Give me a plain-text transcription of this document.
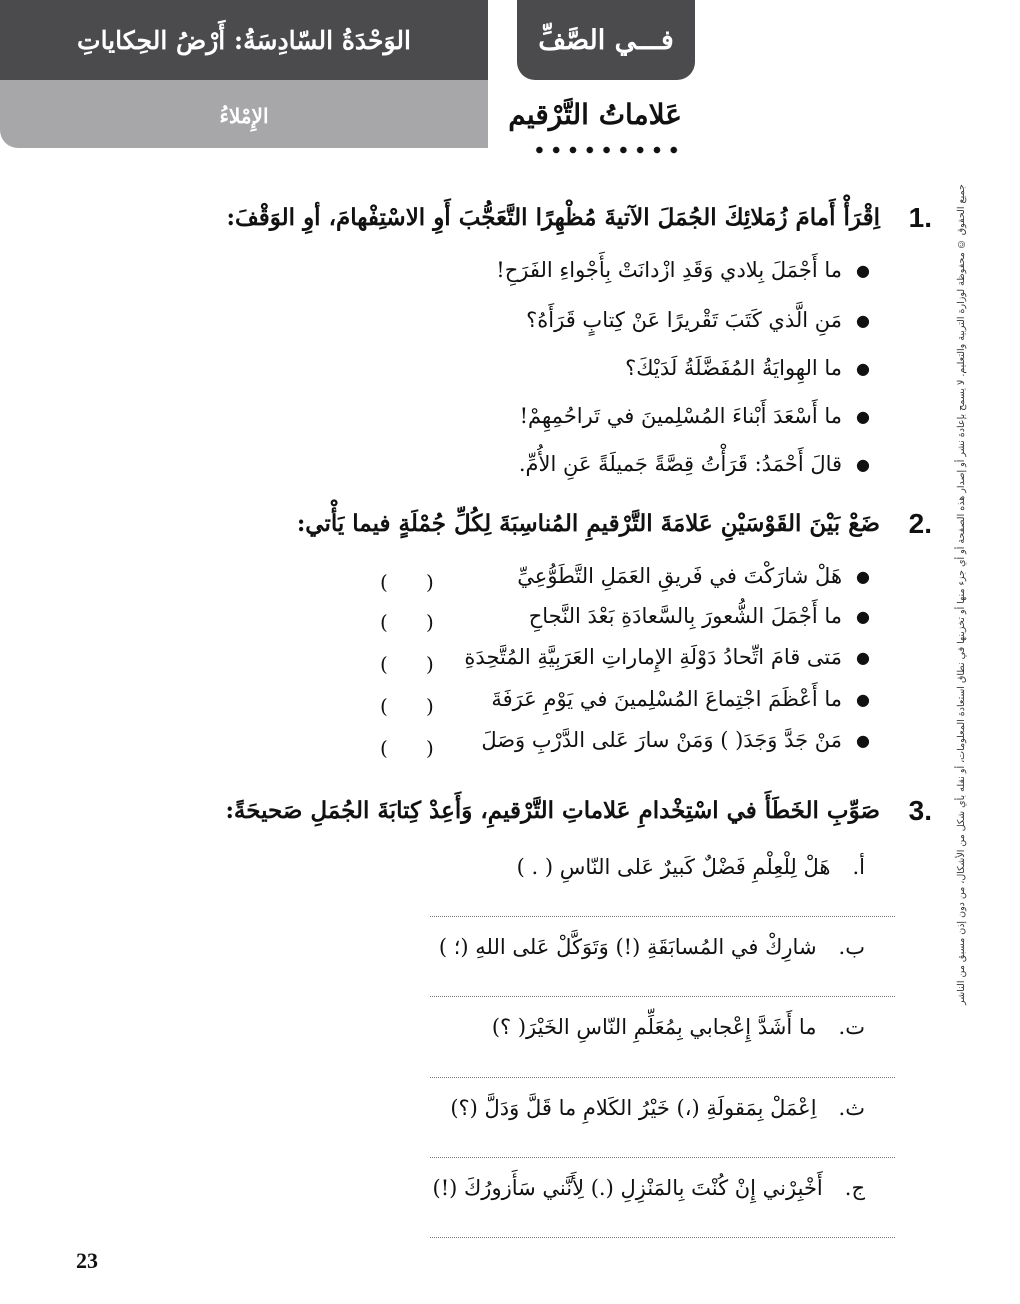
الوَحْدَةُ السّادِسَةُ: أَرْضُ الحِكاياتِ
الإِمْلاءُ
فـــي الصَّفِّ
عَلاماتُ التَّرْقيم
جميع الحقوق © محفوظة لوزارة التربية والتعليم. لا يسمح بإعادة نشر أو إصدار هذه الصفحة أو أي جزء منها أو تخزينها في نطاق استعادة المعلومات، أو نقله بأي شكل من الأشكال، من دون إذن مسبق من الناشر
1.
اِقْرَأْ أَمامَ زُمَلائِكَ الجُمَلَ الآتيةَ مُظْهِرًا التَّعَجُّبَ أَوِ الاسْتِفْهامَ، أوِ الوَقْفَ:
●
ما أَجْمَلَ بِلادي وَقَدِ ازْدانَتْ بِأَجْواءِ الفَرَحِ!
●
مَنِ الَّذي كَتَبَ تَقْريرًا عَنْ كِتابٍ قَرَأَهُ؟
●
ما الهِوايَةُ المُفَضَّلَةُ لَدَيْكَ؟
●
ما أَسْعَدَ أَبْناءَ المُسْلِمينَ في تَراحُمِهِمْ!
●
قالَ أَحْمَدُ: قَرَأْتُ قِصَّةً جَميلَةً عَنِ الأُمِّ.
2.
ضَعْ بَيْنَ القَوْسَيْنِ عَلامَةَ التَّرْقيمِ المُناسِبَةَ لِكُلِّ جُمْلَةٍ فيما يَأْتي:
●
هَلْ شارَكْتَ في فَريقِ العَمَلِ التَّطَوُّعِيِّ
(      )
●
ما أَجْمَلَ الشُّعورَ بِالسَّعادَةِ بَعْدَ النَّجاحِ
(      )
●
مَتى قامَ اتِّحادُ دَوْلَةِ الإِماراتِ العَرَبِيَّةِ المُتَّحِدَةِ
(      )
●
ما أَعْظَمَ اجْتِماعَ المُسْلِمينَ في يَوْمِ عَرَفَةَ
(      )
●
مَنْ جَدَّ وَجَدَ( ) وَمَنْ سارَ عَلى الدَّرْبِ وَصَلَ
(      )
3.
صَوِّبِ الخَطَأَ في اسْتِخْدامِ عَلاماتِ التَّرْقيمِ، وَأَعِدْ كِتابَةَ الجُمَلِ صَحيحَةً:
أ.
هَلْ لِلْعِلْمِ فَضْلٌ كَبيرٌ عَلى النّاسِ ( . )
ب.
شارِكْ في المُسابَقَةِ (!) وَتَوَكَّلْ عَلى اللهِ (؛ )
ت.
ما أَشَدَّ إِعْجابي بِمُعَلِّمِ النّاسِ الخَيْرَ( ؟)
ث.
اِعْمَلْ بِمَقولَةِ (،) خَيْرُ الكَلامِ ما قَلَّ وَدَلَّ (؟)
ج.
أَخْبِرْني إِنْ كُنْتَ بِالمَنْزِلِ (.) لِأَنَّني سَأَزورُكَ (!)
23
